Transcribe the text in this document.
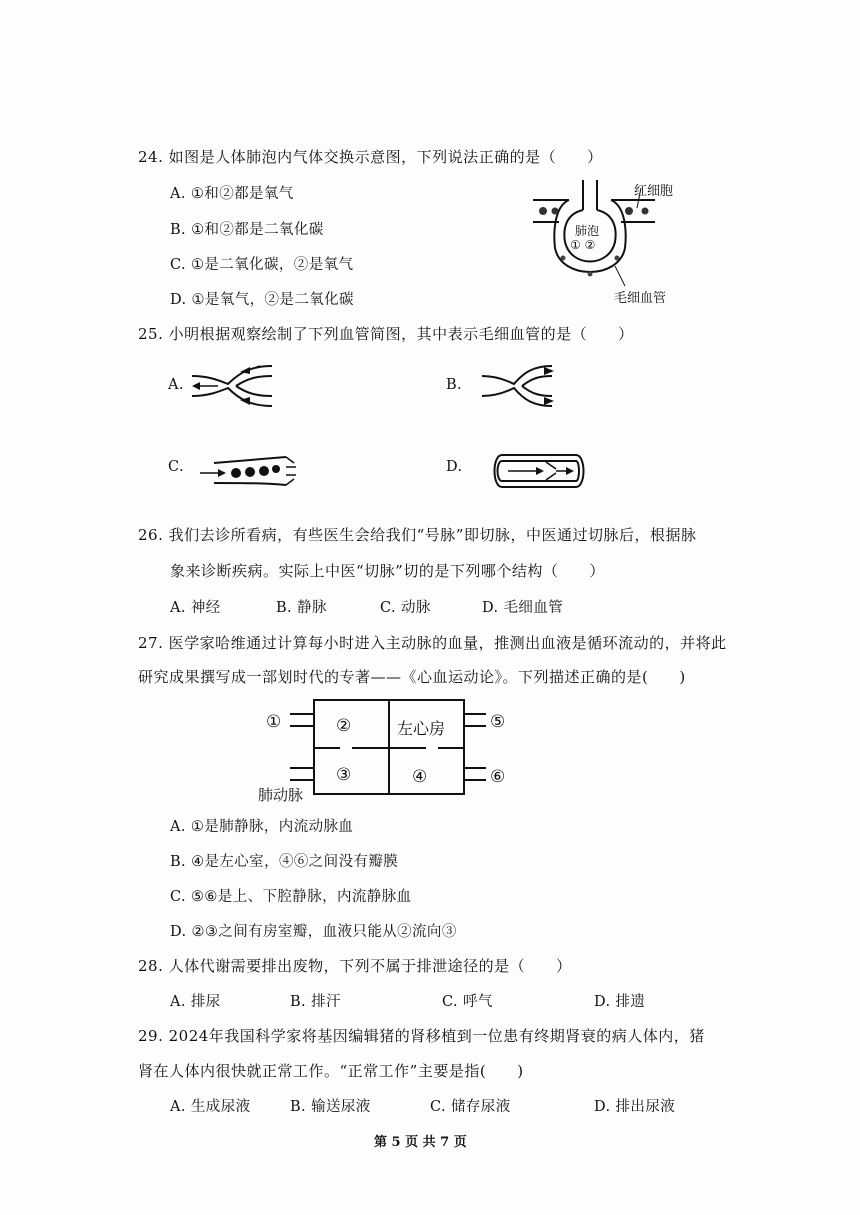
24. 如图是人体肺泡内气体交换示意图，下列说法正确的是（　　）
A. ①和②都是氧气
B. ①和②都是二氧化碳
C. ①是二氧化碳，②是氧气
D. ①是氧气，②是二氧化碳
红细胞
肺泡
① ②
毛细血管
25. 小明根据观察绘制了下列血管简图，其中表示毛细血管的是（　　）
A.	B.
C.	D.
26. 我们去诊所看病，有些医生会给我们“号脉”即切脉，中医通过切脉后，根据脉
象来诊断疾病。实际上中医“切脉”切的是下列哪个结构（　　）
A. 神经	B. 静脉	C. 动脉	D. 毛细血管
27. 医学家哈维通过计算每小时进入主动脉的血量，推测出血液是循环流动的，并将此
研究成果撰写成一部划时代的专著——《心血运动论》。下列描述正确的是(　　)
①	②	左心房	⑤
③	④	⑥
肺动脉
A. ①是肺静脉，内流动脉血
B. ④是左心室，④⑥之间没有瓣膜
C. ⑤⑥是上、下腔静脉，内流静脉血
D. ②③之间有房室瓣，血液只能从②流向③
28. 人体代谢需要排出废物，下列不属于排泄途径的是（　　）
A. 排尿	B. 排汗	C. 呼气	D. 排遗
29. 2024年我国科学家将基因编辑猪的肾移植到一位患有终期肾衰的病人体内，猪
肾在人体内很快就正常工作。“正常工作”主要是指(　　)
A. 生成尿液	B. 输送尿液	C. 储存尿液	D. 排出尿液
第 5 页 共 7 页
